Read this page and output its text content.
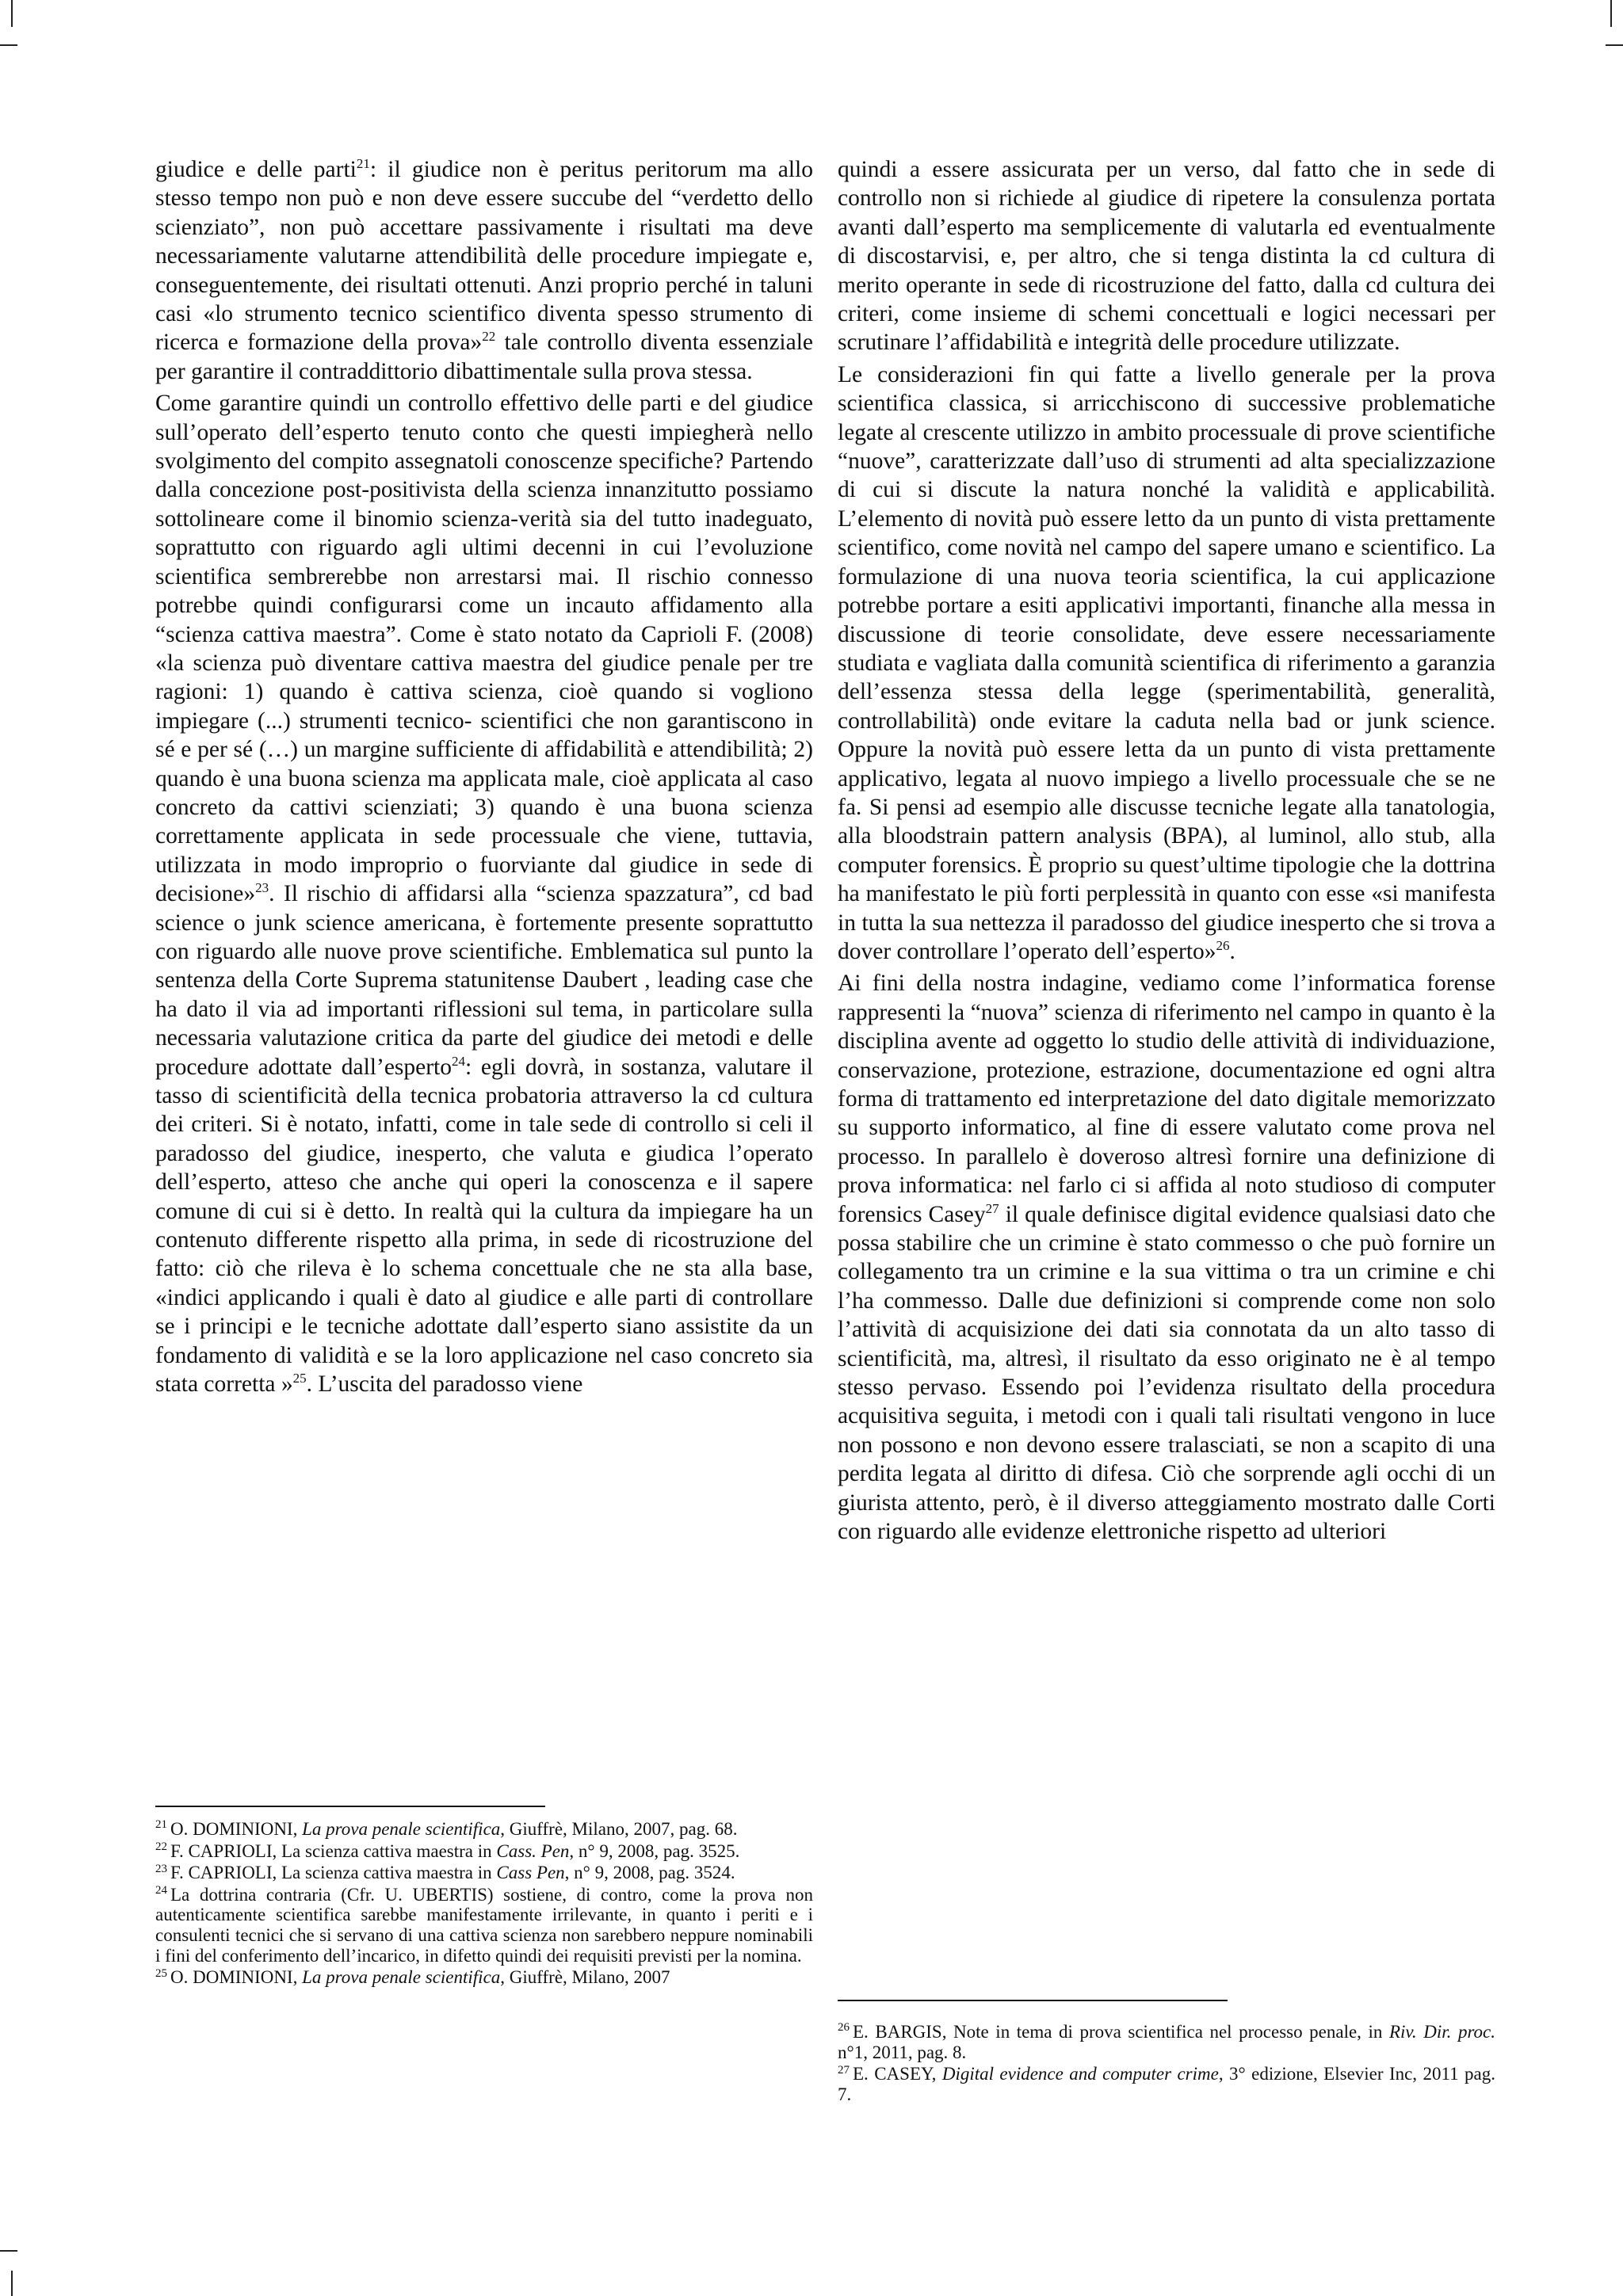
giudice e delle parti$^{21}$: il giudice non è peritus peritorum ma allo stesso tempo non può e non deve essere succube del “verdetto dello scienziato”, non può accettare passivamente i risultati ma deve necessariamente valutarne attendibilità delle procedure impiegate e, conseguentemente, dei risultati ottenuti. Anzi proprio perché in taluni casi «lo strumento tecnico scientifico diventa spesso strumento di ricerca e formazione della prova»$^{22}$ tale controllo diventa essenziale per garantire il contraddittorio dibattimentale sulla prova stessa.

Come garantire quindi un controllo effettivo delle parti e del giudice sull’operato dell’esperto tenuto conto che questi impiegherà nello svolgimento del compito assegnatoli conoscenze specifiche? Partendo dalla concezione post-positivista della scienza innanzitutto possiamo sottolineare come il binomio scienza-verità sia del tutto inadeguato, soprattutto con riguardo agli ultimi decenni in cui l’evoluzione scientifica sembrerebbe non arrestarsi mai. Il rischio connesso potrebbe quindi configurarsi come un incauto affidamento alla “scienza cattiva maestra”. Come è stato notato da Caprioli F. (2008) «la scienza può diventare cattiva maestra del giudice penale per tre ragioni: 1) quando è cattiva scienza, cioè quando si vogliono impiegare (...) strumenti tecnico- scientifici che non garantiscono in sé e per sé (…) un margine sufficiente di affidabilità e attendibilità; 2) quando è una buona scienza ma applicata male, cioè applicata al caso concreto da cattivi scienziati; 3) quando è una buona scienza correttamente applicata in sede processuale che viene, tuttavia, utilizzata in modo improprio o fuorviante dal giudice in sede di decisione»$^{23}$. Il rischio di affidarsi alla “scienza spazzatura”, cd bad science o junk science americana, è fortemente presente soprattutto con riguardo alle nuove prove scientifiche. Emblematica sul punto la sentenza della Corte Suprema statunitense Daubert , leading case che ha dato il via ad importanti riflessioni sul tema, in particolare sulla necessaria valutazione critica da parte del giudice dei metodi e delle procedure adottate dall’esperto$^{24}$: egli dovrà, in sostanza, valutare il tasso di scientificità della tecnica probatoria attraverso la cd cultura dei criteri. Si è notato, infatti, come in tale sede di controllo si celi il paradosso del giudice, inesperto, che valuta e giudica l’operato dell’esperto, atteso che anche qui operi la conoscenza e il sapere comune di cui si è detto. In realtà qui la cultura da impiegare ha un contenuto differente rispetto alla prima, in sede di ricostruzione del fatto: ciò che rileva è lo schema concettuale che ne sta alla base, «indici applicando i quali è dato al giudice e alle parti di controllare se i principi e le tecniche adottate dall’esperto siano assistite da un fondamento di validità e se la loro applicazione nel caso concreto sia stata corretta »$^{25}$. L’uscita del paradosso viene

$^{21}$ O. DOMINIONI, La prova penale scientifica, Giuffrè, Milano, 2007, pag. 68.

$^{22}$ F. CAPRIOLI, La scienza cattiva maestra in Cass. Pen, n° 9, 2008, pag. 3525.

$^{23}$ F. CAPRIOLI, La scienza cattiva maestra in Cass Pen, n° 9, 2008, pag. 3524.

$^{24}$ La dottrina contraria (Cfr. U. UBERTIS) sostiene, di contro, come la prova non autenticamente scientifica sarebbe manifestamente irrilevante, in quanto i periti e i consulenti tecnici che si servano di una cattiva scienza non sarebbero neppure nominabili i fini del conferimento dell’incarico, in difetto quindi dei requisiti previsti per la nomina.

$^{25}$ O. DOMINIONI, La prova penale scientifica, Giuffrè, Milano, 2007

quindi a essere assicurata per un verso, dal fatto che in sede di controllo non si richiede al giudice di ripetere la consulenza portata avanti dall’esperto ma semplicemente di valutarla ed eventualmente di discostarvisi, e, per altro, che si tenga distinta la cd cultura di merito operante in sede di ricostruzione del fatto, dalla cd cultura dei criteri, come insieme di schemi concettuali e logici necessari per scrutinare l’affidabilità e integrità delle procedure utilizzate.

Le considerazioni fin qui fatte a livello generale per la prova scientifica classica, si arricchiscono di successive problematiche legate al crescente utilizzo in ambito processuale di prove scientifiche “nuove”, caratterizzate dall’uso di strumenti ad alta specializzazione di cui si discute la natura nonché la validità e applicabilità. L’elemento di novità può essere letto da un punto di vista prettamente scientifico, come novità nel campo del sapere umano e scientifico. La formulazione di una nuova teoria scientifica, la cui applicazione potrebbe portare a esiti applicativi importanti, finanche alla messa in discussione di teorie consolidate, deve essere necessariamente studiata e vagliata dalla comunità scientifica di riferimento a garanzia dell’essenza stessa della legge (sperimentabilità, generalità, controllabilità) onde evitare la caduta nella bad or junk science. Oppure la novità può essere letta da un punto di vista prettamente applicativo, legata al nuovo impiego a livello processuale che se ne fa. Si pensi ad esempio alle discusse tecniche legate alla tanatologia, alla bloodstrain pattern analysis (BPA), al luminol, allo stub, alla computer forensics. È proprio su quest’ultime tipologie che la dottrina ha manifestato le più forti perplessità in quanto con esse «si manifesta in tutta la sua nettezza il paradosso del giudice inesperto che si trova a dover controllare l’operato dell’esperto»$^{26}$.

Ai fini della nostra indagine, vediamo come l’informatica forense rappresenti la “nuova” scienza di riferimento nel campo in quanto è la disciplina avente ad oggetto lo studio delle attività di individuazione, conservazione, protezione, estrazione, documentazione ed ogni altra forma di trattamento ed interpretazione del dato digitale memorizzato su supporto informatico, al fine di essere valutato come prova nel processo. In parallelo è doveroso altresì fornire una definizione di prova informatica: nel farlo ci si affida al noto studioso di computer forensics Casey$^{27}$ il quale definisce digital evidence qualsiasi dato che possa stabilire che un crimine è stato commesso o che può fornire un collegamento tra un crimine e la sua vittima o tra un crimine e chi l’ha commesso. Dalle due definizioni si comprende come non solo l’attività di acquisizione dei dati sia connotata da un alto tasso di scientificità, ma, altresì, il risultato da esso originato ne è al tempo stesso pervaso. Essendo poi l’evidenza risultato della procedura acquisitiva seguita, i metodi con i quali tali risultati vengono in luce non possono e non devono essere tralasciati, se non a scapito di una perdita legata al diritto di difesa. Ciò che sorprende agli occhi di un giurista attento, però, è il diverso atteggiamento mostrato dalle Corti con riguardo alle evidenze elettroniche rispetto ad ulteriori

$^{26}$ E. BARGIS, Note in tema di prova scientifica nel processo penale, in Riv. Dir. proc. n°1, 2011, pag. 8.

$^{27}$ E. CASEY, Digital evidence and computer crime, 3° edizione, Elsevier Inc, 2011 pag. 7.
